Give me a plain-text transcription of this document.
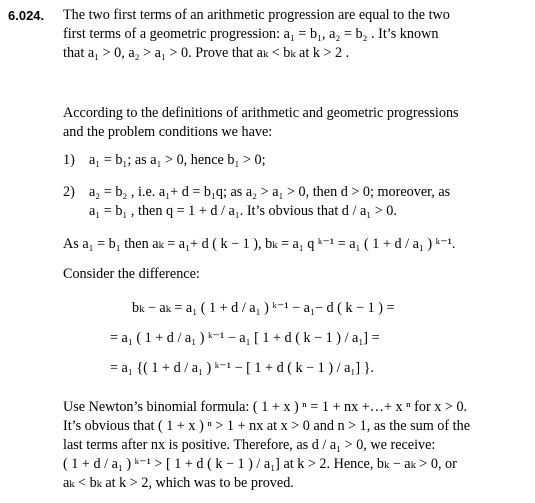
6.024. The two first terms of an arithmetic progression are equal to the two
first terms of a geometric progression: a₁ = b₁, a₂ = b₂ . It’s known
that a₁ > 0, a₂ > a₁ > 0. Prove that aₖ < bₖ at k > 2 .
According to the definitions of arithmetic and geometric progressions
and the problem conditions we have:
1) a₁ = b₁; as a₁ > 0, hence b₁ > 0;
2) a₂ = b₂ , i.e. a₁+ d = b₁q; as a₂ > a₁ > 0, then d > 0; moreover, as
a₁ = b₁ , then q = 1 + d / a₁. It’s obvious that d / a₁ > 0.
As a₁ = b₁ then aₖ = a₁+ d ( k − 1 ), bₖ = a₁ q ᵏ⁻¹ = a₁ ( 1 + d / a₁ ) ᵏ⁻¹.
Consider the difference:
bₖ − aₖ = a₁ ( 1 + d / a₁ ) ᵏ⁻¹ − a₁− d ( k − 1 ) =
= a₁ ( 1 + d / a₁ ) ᵏ⁻¹ − a₁ [ 1 + d ( k − 1 ) / a₁] =
= a₁ {( 1 + d / a₁ ) ᵏ⁻¹ − [ 1 + d ( k − 1 ) / a₁] }.
Use Newton’s binomial formula: ( 1 + x ) ⁿ = 1 + nx +…+ x ⁿ for x > 0.
It’s obvious that ( 1 + x ) ⁿ > 1 + nx at x > 0 and n > 1, as the sum of the
last terms after nx is positive. Therefore, as d / a₁ > 0, we receive:
( 1 + d / a₁ ) ᵏ⁻¹ > [ 1 + d ( k − 1 ) / a₁] at k > 2. Hence, bₖ − aₖ > 0, or
aₖ < bₖ at k > 2, which was to be proved.
